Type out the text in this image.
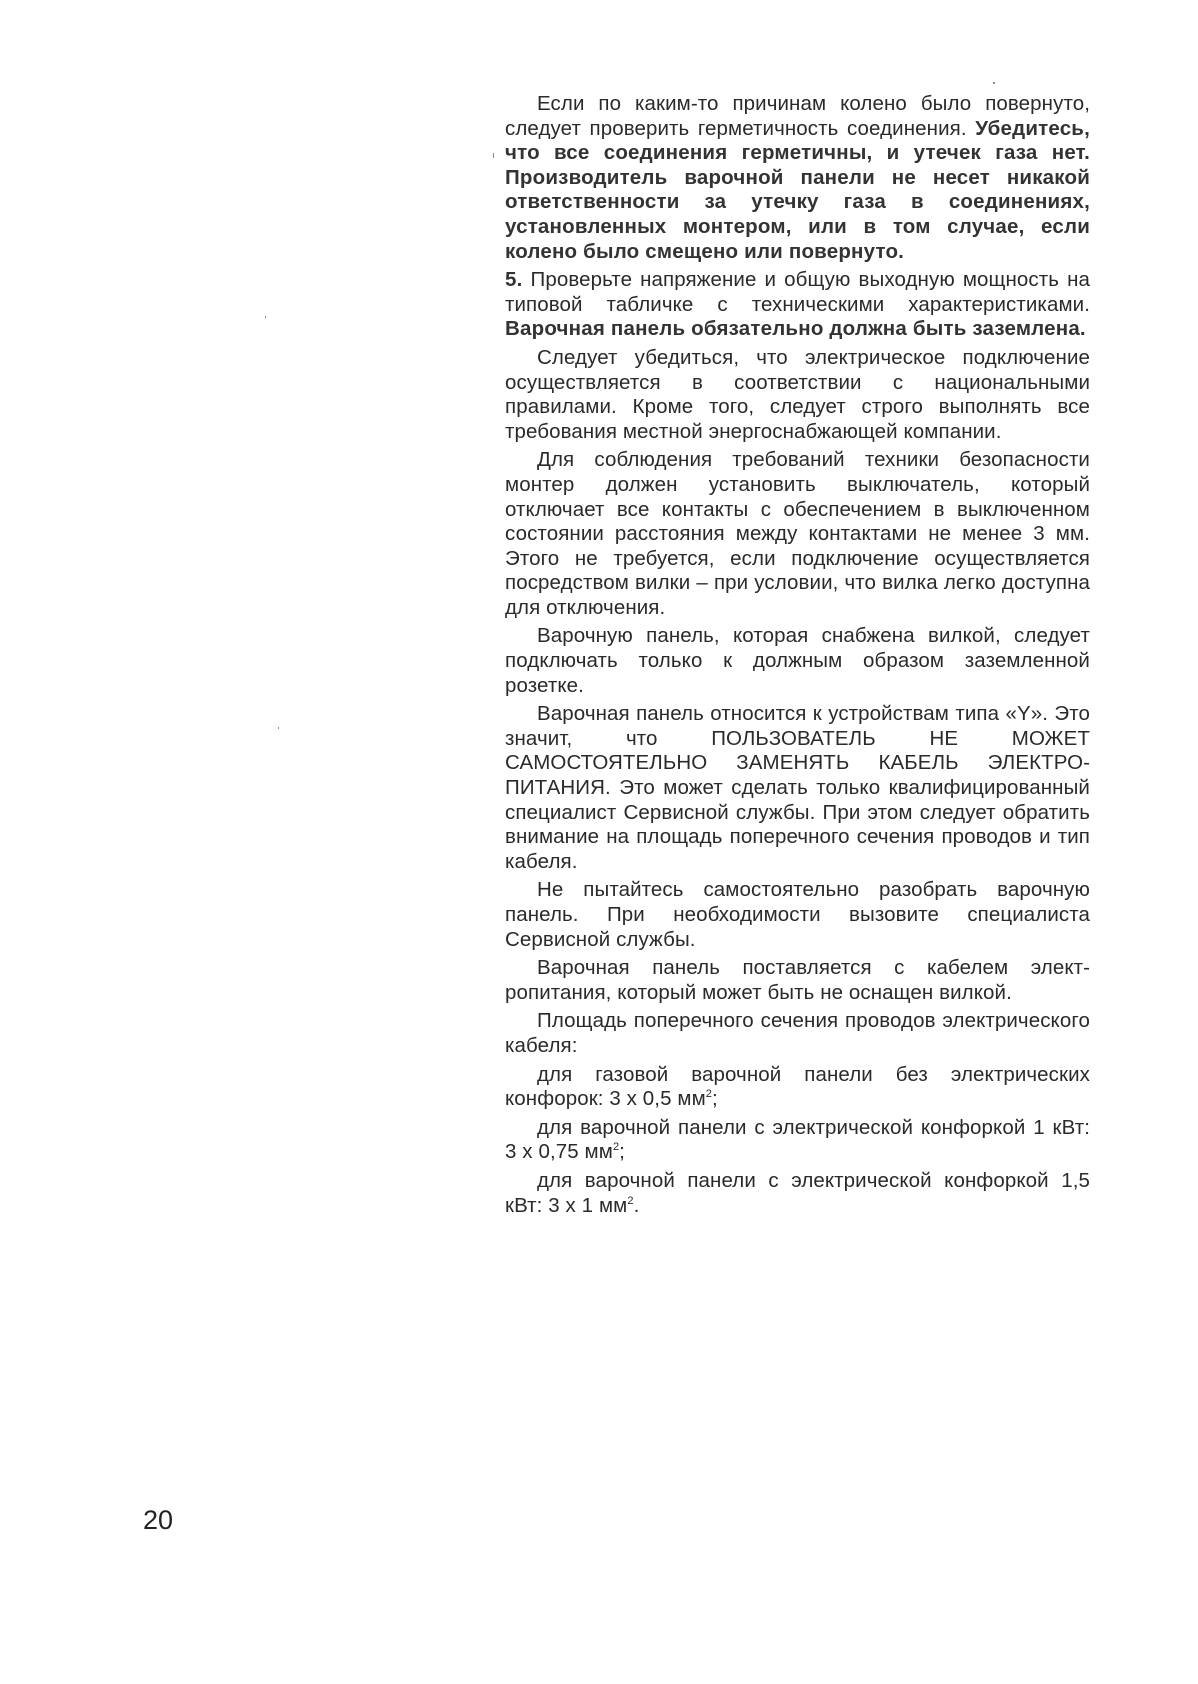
Если по каким-то причинам колено было повернуто, следует проверить герметичность соединения. Убедитесь, что все соединения герметичны, и утечек газа нет. Производитель варочной панели не несет никакой ответственности за утечку газа в соединениях, установленных монтером, или в том случае, если колено было смещено или повернуто.

5. Проверьте напряжение и общую выходную мощность на типовой табличке с техническими характеристиками. Варочная панель обязательно должна быть заземлена.

Следует убедиться, что электрическое подключение осуществляется в соответствии с национальными правилами. Кроме того, следует строго выполнять все требования местной энергоснабжающей компании.

Для соблюдения требований техники безопасности монтер должен установить выключатель, который отключает все контакты с обеспечением в выключенном состоянии расстояния между контактами не менее 3 мм. Этого не требуется, если подключение осуществляется посредством вилки – при условии, что вилка легко доступна для отключения.

Варочную панель, которая снабжена вилкой, следует подключать только к должным образом заземленной розетке.

Варочная панель относится к устройствам типа «Y». Это значит, что ПОЛЬЗОВАТЕЛЬ НЕ МОЖЕТ САМОСТОЯТЕЛЬНО ЗАМЕНЯТЬ КАБЕЛЬ ЭЛЕКТРОПИТАНИЯ. Это может сделать только квалифицированный специалист Сервисной службы. При этом следует обратить внимание на площадь поперечного сечения проводов и тип кабеля.

Не пытайтесь самостоятельно разобрать варочную панель. При необходимости вызовите специалиста Сервисной службы.

Варочная панель поставляется с кабелем электропитания, который может быть не оснащен вилкой.

Площадь поперечного сечения проводов электрического кабеля:

для газовой варочной панели без электрических конфорок: 3 x 0,5 $мм^2$;

для варочной панели с электрической конфоркой 1 кВт: 3 x 0,75 $мм^2$;

для варочной панели с электрической конфоркой 1,5 кВт: 3 x 1 $мм^2$.

20
